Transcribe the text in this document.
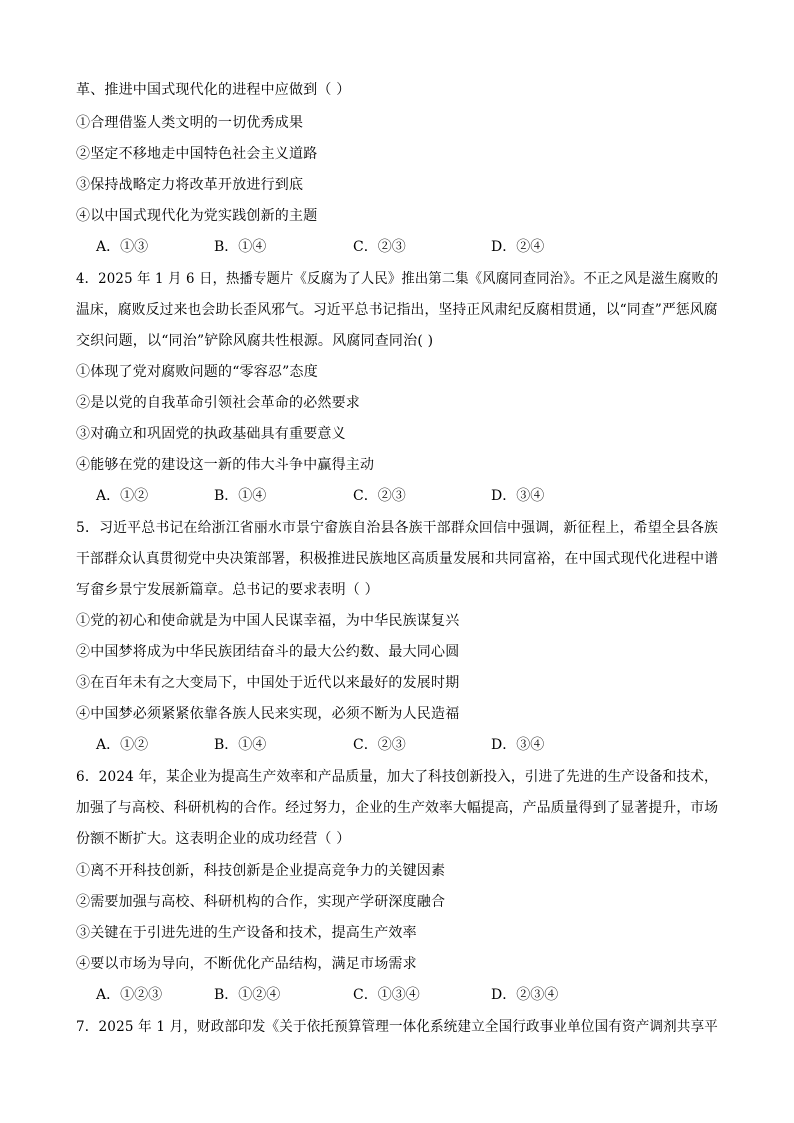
革、推进中国式现代化的进程中应做到（ ）
①合理借鉴人类文明的一切优秀成果
②坚定不移地走中国特色社会主义道路
③保持战略定力将改革开放进行到底
④以中国式现代化为党实践创新的主题
A．①③	B．①④	C．②③	D．②④
4．2025 年 1 月 6 日，热播专题片《反腐为了人民》推出第二集《风腐同查同治》。不正之风是滋生腐败的
温床，腐败反过来也会助长歪风邪气。习近平总书记指出，坚持正风肃纪反腐相贯通，以“同查”严惩风腐
交织问题，以“同治”铲除风腐共性根源。风腐同查同治( )
①体现了党对腐败问题的“零容忍”态度
②是以党的自我革命引领社会革命的必然要求
③对确立和巩固党的执政基础具有重要意义
④能够在党的建设这一新的伟大斗争中赢得主动
A．①②	B．①④	C．②③	D．③④
5．习近平总书记在给浙江省丽水市景宁畲族自治县各族干部群众回信中强调，新征程上，希望全县各族
干部群众认真贯彻党中央决策部署，积极推进民族地区高质量发展和共同富裕，在中国式现代化进程中谱
写畲乡景宁发展新篇章。总书记的要求表明（ ）
①党的初心和使命就是为中国人民谋幸福，为中华民族谋复兴
②中国梦将成为中华民族团结奋斗的最大公约数、最大同心圆
③在百年未有之大变局下，中国处于近代以来最好的发展时期
④中国梦必须紧紧依靠各族人民来实现，必须不断为人民造福
A．①②	B．①④	C．②③	D．③④
6．2024 年，某企业为提高生产效率和产品质量，加大了科技创新投入，引进了先进的生产设备和技术，
加强了与高校、科研机构的合作。经过努力，企业的生产效率大幅提高，产品质量得到了显著提升，市场
份额不断扩大。这表明企业的成功经营（ ）
①离不开科技创新，科技创新是企业提高竞争力的关键因素
②需要加强与高校、科研机构的合作，实现产学研深度融合
③关键在于引进先进的生产设备和技术，提高生产效率
④要以市场为导向，不断优化产品结构，满足市场需求
A．①②③	B．①②④	C．①③④	D．②③④
7．2025 年 1 月，财政部印发《关于依托预算管理一体化系统建立全国行政事业单位国有资产调剂共享平
